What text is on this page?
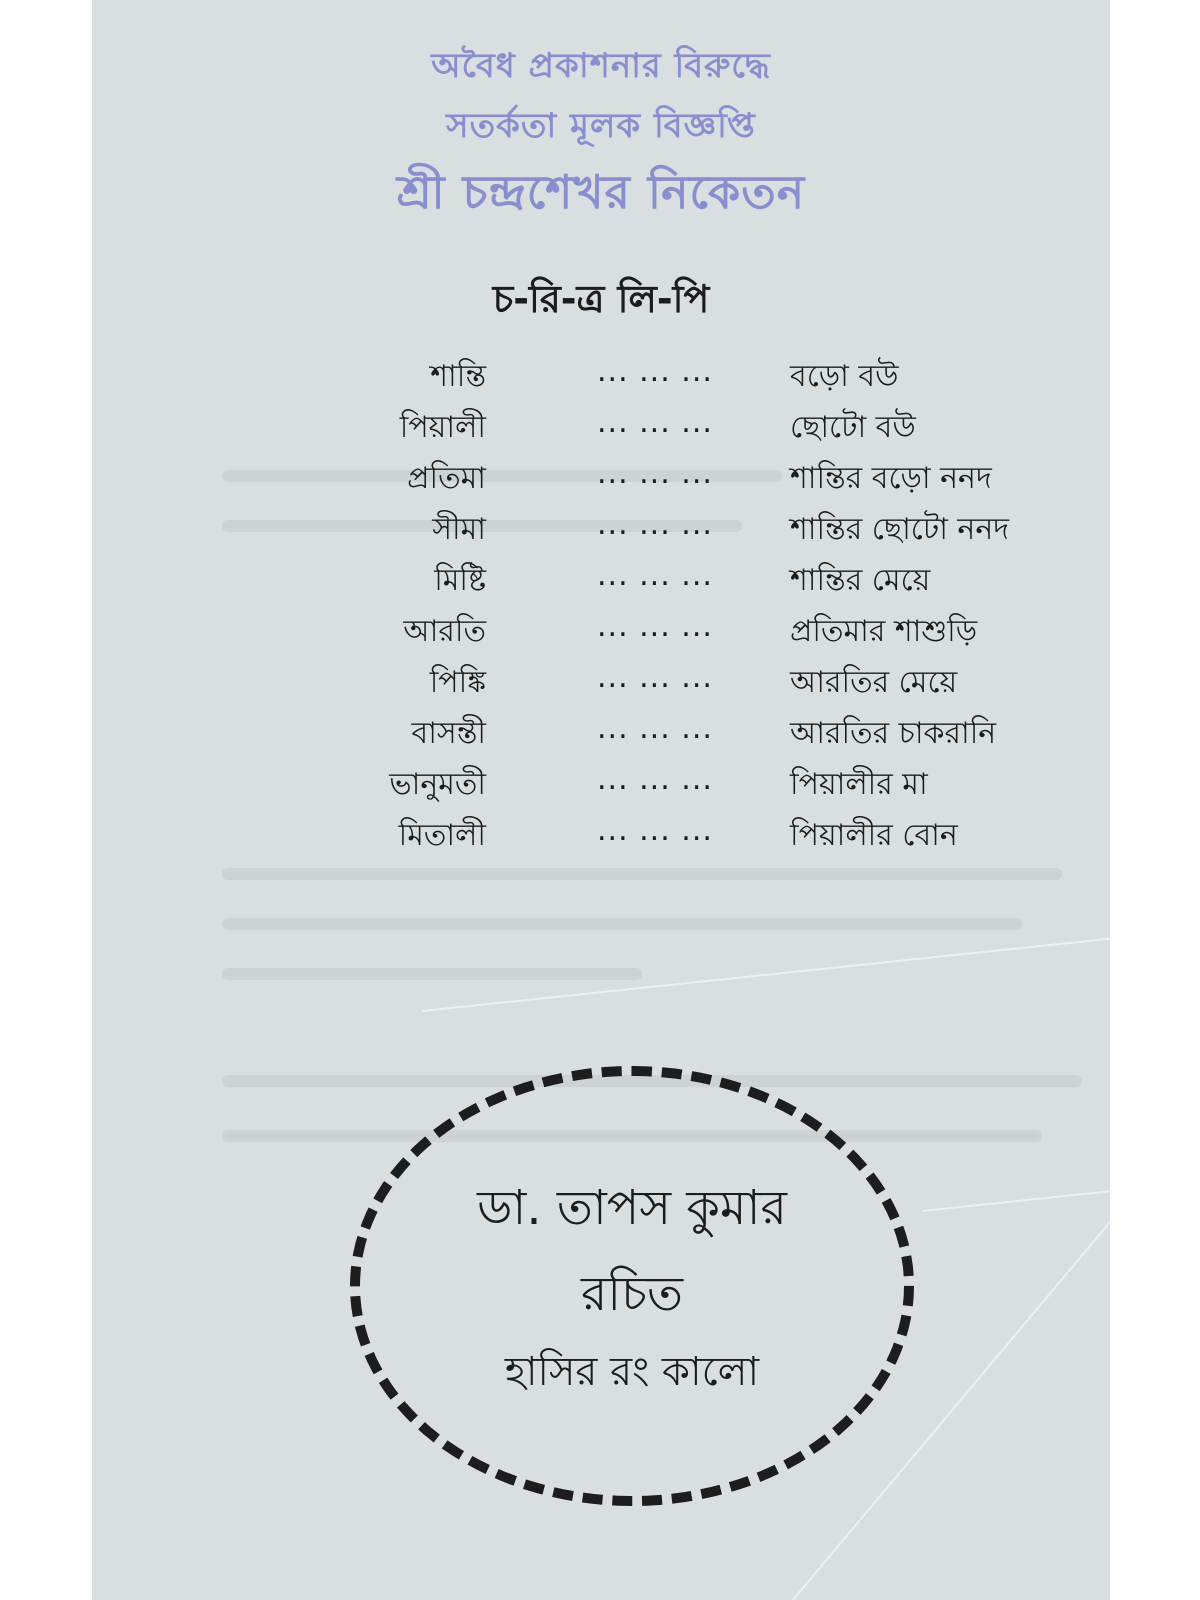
অবৈধ প্রকাশনার বিরুদ্ধে
সতর্কতা মূলক বিজ্ঞপ্তি
শ্রী চন্দ্রশেখর নিকেতন
চ-রি-ত্র লি-পি
শান্তি	... ... ...	বড়ো বউ
পিয়ালী	... ... ...	ছোটো বউ
প্রতিমা	... ... ...	শান্তির বড়ো ননদ
সীমা	... ... ...	শান্তির ছোটো ননদ
মিষ্টি	... ... ...	শান্তির মেয়ে
আরতি	... ... ...	প্রতিমার শাশুড়ি
পিঙ্কি	... ... ...	আরতির মেয়ে
বাসন্তী	... ... ...	আরতির চাকরানি
ভানুমতী	... ... ...	পিয়ালীর মা
মিতালী	... ... ...	পিয়ালীর বোন
ডা. তাপস কুমার
রচিত
হাসির রং কালো
